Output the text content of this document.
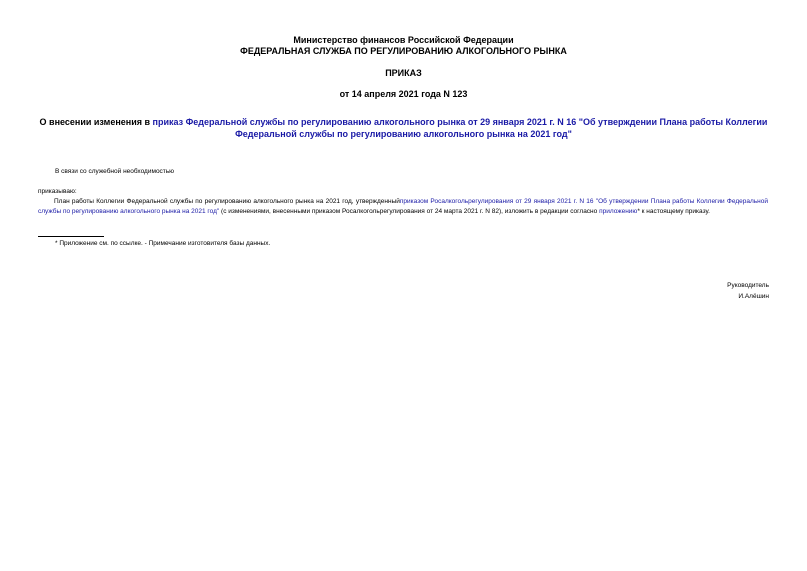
Министерство финансов Российской Федерации
ФЕДЕРАЛЬНАЯ СЛУЖБА ПО РЕГУЛИРОВАНИЮ АЛКОГОЛЬНОГО РЫНКА
ПРИКАЗ
от 14 апреля 2021 года N 123
О внесении изменения в приказ Федеральной службы по регулированию алкогольного рынка от 29 января 2021 г. N 16 "Об утверждении Плана работы Коллегии Федеральной службы по регулированию алкогольного рынка на 2021 год"
В связи со служебной необходимостью
приказываю:
План работы Коллегии Федеральной службы по регулированию алкогольного рынка на 2021 год, утвержденныйприказом Росалкогольрегулирования от 29 января 2021 г. N 16 "Об утверждении Плана работы Коллегии Федеральной службы по регулированию алкогольного рынка на 2021 год" (с изменениями, внесенными приказом Росалкогольрегулирования от 24 марта 2021 г. N 82), изложить в редакции согласно приложению* к настоящему приказу.
* Приложение см. по ссылке. - Примечание изготовителя базы данных.
Руководитель
И.Алёшин
